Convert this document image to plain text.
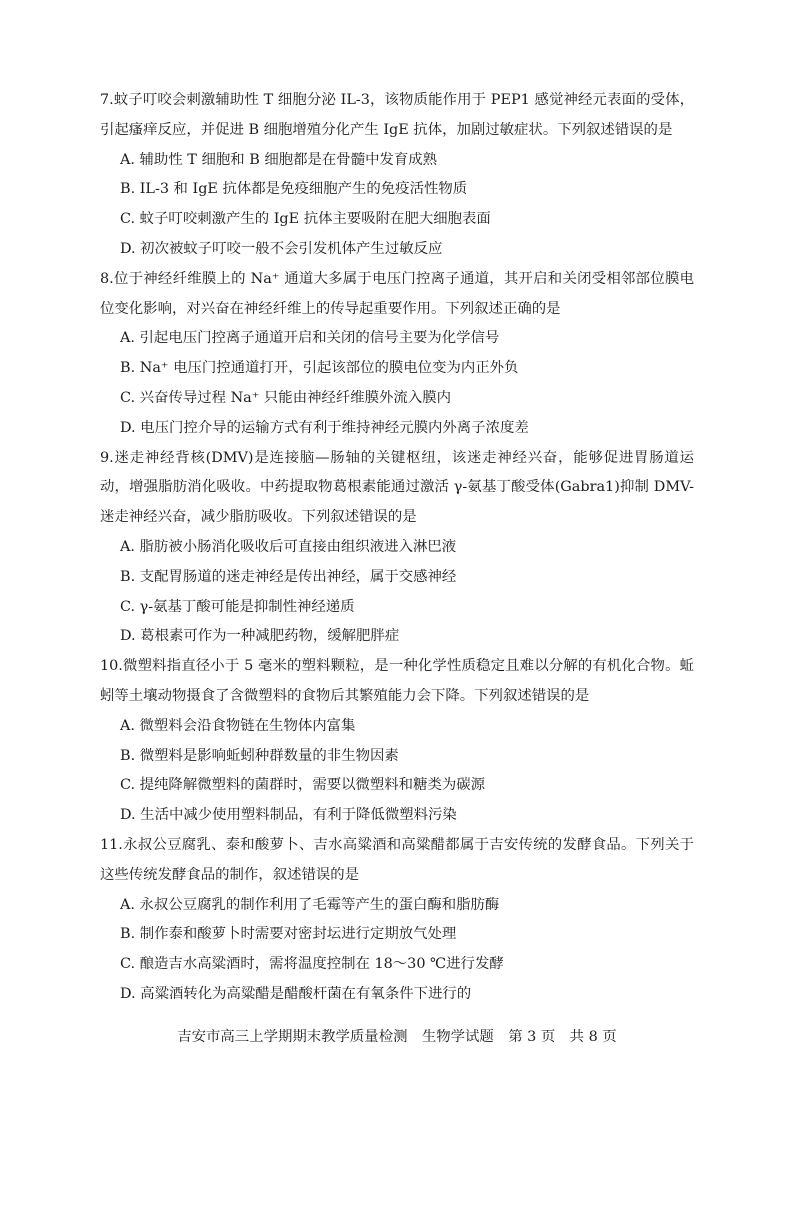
7.蚊子叮咬会刺激辅助性 T 细胞分泌 IL-3，该物质能作用于 PEP1 感觉神经元表面的受体，引起瘙痒反应，并促进 B 细胞增殖分化产生 IgE 抗体，加剧过敏症状。下列叙述错误的是

A. 辅助性 T 细胞和 B 细胞都是在骨髓中发育成熟

B. IL-3 和 IgE 抗体都是免疫细胞产生的免疫活性物质

C. 蚊子叮咬刺激产生的 IgE 抗体主要吸附在肥大细胞表面

D. 初次被蚊子叮咬一般不会引发机体产生过敏反应

8.位于神经纤维膜上的 Na⁺ 通道大多属于电压门控离子通道，其开启和关闭受相邻部位膜电位变化影响，对兴奋在神经纤维上的传导起重要作用。下列叙述正确的是

A. 引起电压门控离子通道开启和关闭的信号主要为化学信号

B. Na⁺ 电压门控通道打开，引起该部位的膜电位变为内正外负

C. 兴奋传导过程 Na⁺ 只能由神经纤维膜外流入膜内

D. 电压门控介导的运输方式有利于维持神经元膜内外离子浓度差

9.迷走神经背核(DMV)是连接脑—肠轴的关键枢纽，该迷走神经兴奋，能够促进胃肠道运动，增强脂肪消化吸收。中药提取物葛根素能通过激活 γ-氨基丁酸受体(Gabra1)抑制 DMV-迷走神经兴奋，减少脂肪吸收。下列叙述错误的是

A. 脂肪被小肠消化吸收后可直接由组织液进入淋巴液

B. 支配胃肠道的迷走神经是传出神经，属于交感神经

C. γ-氨基丁酸可能是抑制性神经递质

D. 葛根素可作为一种减肥药物，缓解肥胖症

10.微塑料指直径小于 5 毫米的塑料颗粒，是一种化学性质稳定且难以分解的有机化合物。蚯蚓等土壤动物摄食了含微塑料的食物后其繁殖能力会下降。下列叙述错误的是

A. 微塑料会沿食物链在生物体内富集

B. 微塑料是影响蚯蚓种群数量的非生物因素

C. 提纯降解微塑料的菌群时，需要以微塑料和糖类为碳源

D. 生活中减少使用塑料制品，有利于降低微塑料污染

11.永叔公豆腐乳、泰和酸萝卜、吉水高粱酒和高粱醋都属于吉安传统的发酵食品。下列关于这些传统发酵食品的制作，叙述错误的是

A. 永叔公豆腐乳的制作利用了毛霉等产生的蛋白酶和脂肪酶

B. 制作泰和酸萝卜时需要对密封坛进行定期放气处理

C. 酿造吉水高粱酒时，需将温度控制在 18～30 ℃进行发酵

D. 高粱酒转化为高粱醋是醋酸杆菌在有氧条件下进行的

吉安市高三上学期期末教学质量检测　生物学试题　第 3 页　共 8 页
